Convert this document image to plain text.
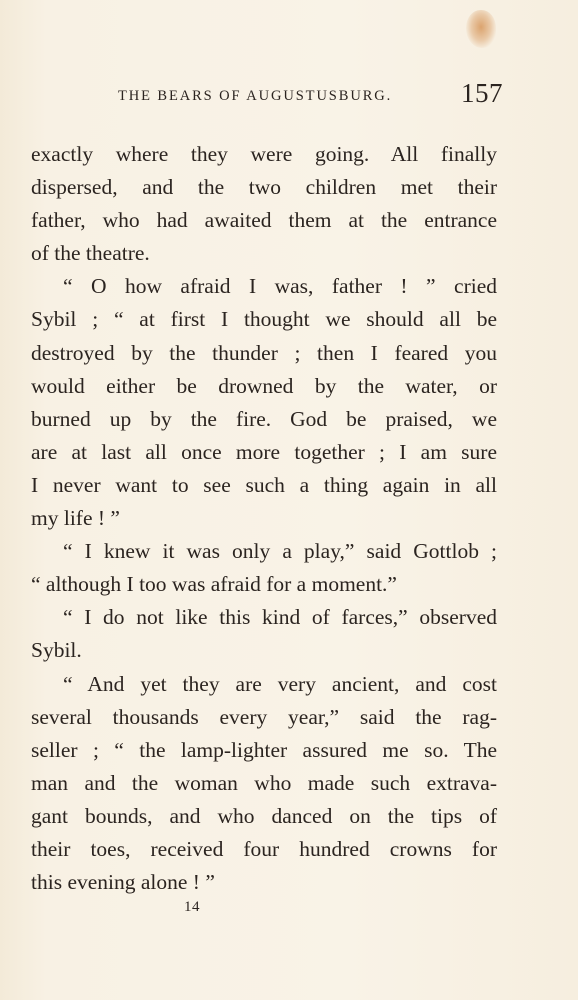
THE BEARS OF AUGUSTUSBURG.	157
exactly where they were going. All finally
dispersed, and the two children met their
father, who had awaited them at the entrance
of the theatre.
“ O how afraid I was, father ! ” cried
Sybil ; “ at first I thought we should all be
destroyed by the thunder ; then I feared you
would either be drowned by the water, or
burned up by the fire. God be praised, we
are at last all once more together ; I am sure
I never want to see such a thing again in all
my life ! ”
“ I knew it was only a play,” said Gottlob ;
“ although I too was afraid for a moment.”
“ I do not like this kind of farces,” observed
Sybil.
“ And yet they are very ancient, and cost
several thousands every year,” said the rag-
seller ; “ the lamp-lighter assured me so. The
man and the woman who made such extrava-
gant bounds, and who danced on the tips of
their toes, received four hundred crowns for
this evening alone ! ”
14
